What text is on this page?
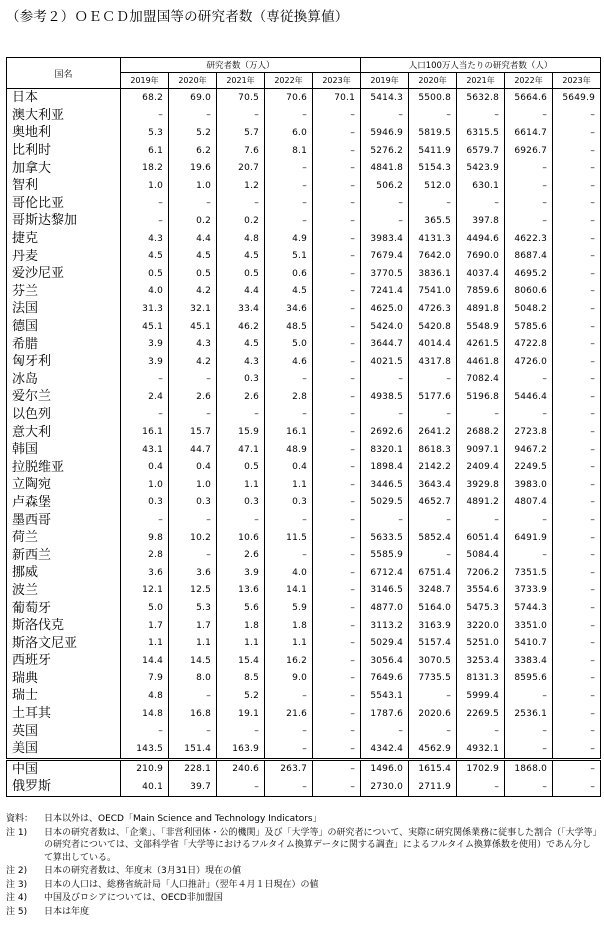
（参考２）ＯＥＣＤ加盟国等の研究者数（専従換算値）
国名	研究者数（万人）					人口100万人当たりの研究者数（人）				
	2019年	2020年	2021年	2022年	2023年	2019年	2020年	2021年	2022年	2023年
日本	68.2	69.0	70.5	70.6	70.1	5414.3	5500.8	5632.8	5664.6	5649.9
澳大利亚	–	–	–	–	–	–	–	–	–	–
奥地利	5.3	5.2	5.7	6.0	–	5946.9	5819.5	6315.5	6614.7	–
比利时	6.1	6.2	7.6	8.1	–	5276.2	5411.9	6579.7	6926.7	–
加拿大	18.2	19.6	20.7	–	–	4841.8	5154.3	5423.9	–	–
智利	1.0	1.0	1.2	–	–	506.2	512.0	630.1	–	–
哥伦比亚	–	–	–	–	–	–	–	–	–	–
哥斯达黎加	–	0.2	0.2	–	–	–	365.5	397.8	–	–
捷克	4.3	4.4	4.8	4.9	–	3983.4	4131.3	4494.6	4622.3	–
丹麦	4.5	4.5	4.5	5.1	–	7679.4	7642.0	7690.0	8687.4	–
爱沙尼亚	0.5	0.5	0.5	0.6	–	3770.5	3836.1	4037.4	4695.2	–
芬兰	4.0	4.2	4.4	4.5	–	7241.4	7541.0	7859.6	8060.6	–
法国	31.3	32.1	33.4	34.6	–	4625.0	4726.3	4891.8	5048.2	–
德国	45.1	45.1	46.2	48.5	–	5424.0	5420.8	5548.9	5785.6	–
希腊	3.9	4.3	4.5	5.0	–	3644.7	4014.4	4261.5	4722.8	–
匈牙利	3.9	4.2	4.3	4.6	–	4021.5	4317.8	4461.8	4726.0	–
冰岛	–	–	0.3	–	–	–	–	7082.4	–	–
爱尔兰	2.4	2.6	2.6	2.8	–	4938.5	5177.6	5196.8	5446.4	–
以色列	–	–	–	–	–	–	–	–	–	–
意大利	16.1	15.7	15.9	16.1	–	2692.6	2641.2	2688.2	2723.8	–
韩国	43.1	44.7	47.1	48.9	–	8320.1	8618.3	9097.1	9467.2	–
拉脱维亚	0.4	0.4	0.5	0.4	–	1898.4	2142.2	2409.4	2249.5	–
立陶宛	1.0	1.0	1.1	1.1	–	3446.5	3643.4	3929.8	3983.0	–
卢森堡	0.3	0.3	0.3	0.3	–	5029.5	4652.7	4891.2	4807.4	–
墨西哥	–	–	–	–	–	–	–	–	–	–
荷兰	9.8	10.2	10.6	11.5	–	5633.5	5852.4	6051.4	6491.9	–
新西兰	2.8	–	2.6	–	–	5585.9	–	5084.4	–	–
挪威	3.6	3.6	3.9	4.0	–	6712.4	6751.4	7206.2	7351.5	–
波兰	12.1	12.5	13.6	14.1	–	3146.5	3248.7	3554.6	3733.9	–
葡萄牙	5.0	5.3	5.6	5.9	–	4877.0	5164.0	5475.3	5744.3	–
斯洛伐克	1.7	1.7	1.8	1.8	–	3113.2	3163.9	3220.0	3351.0	–
斯洛文尼亚	1.1	1.1	1.1	1.1	–	5029.4	5157.4	5251.0	5410.7	–
西班牙	14.4	14.5	15.4	16.2	–	3056.4	3070.5	3253.4	3383.4	–
瑞典	7.9	8.0	8.5	9.0	–	7649.6	7735.5	8131.3	8595.6	–
瑞士	4.8	–	5.2	–	–	5543.1	–	5999.4	–	–
土耳其	14.8	16.8	19.1	21.6	–	1787.6	2020.6	2269.5	2536.1	–
英国	–	–	–	–	–	–	–	–	–	–
美国	143.5	151.4	163.9	–	–	4342.4	4562.9	4932.1	–	–
中国	210.9	228.1	240.6	263.7	–	1496.0	1615.4	1702.9	1868.0	–
俄罗斯	40.1	39.7	–	–	–	2730.0	2711.9	–	–	–
資料：	日本以外は、OECD「Main Science and Technology Indicators」
注 1)	日本の研究者数は、「企業」、「非営利団体・公的機関」及び「大学等」の研究者について、実際に研究関係業務に従事した割合（「大学等」の研究者については、文部科学省「大学等におけるフルタイム換算データに関する調査」によるフルタイム換算係数を使用）であん分して算出している。
注 2)	日本の研究者数は、年度末（3月31日）現在の値
注 3)	日本の人口は、総務省統計局「人口推計」（翌年４月１日現在）の値
注 4)	中国及びロシアについては、OECD非加盟国
注 5)	日本は年度
